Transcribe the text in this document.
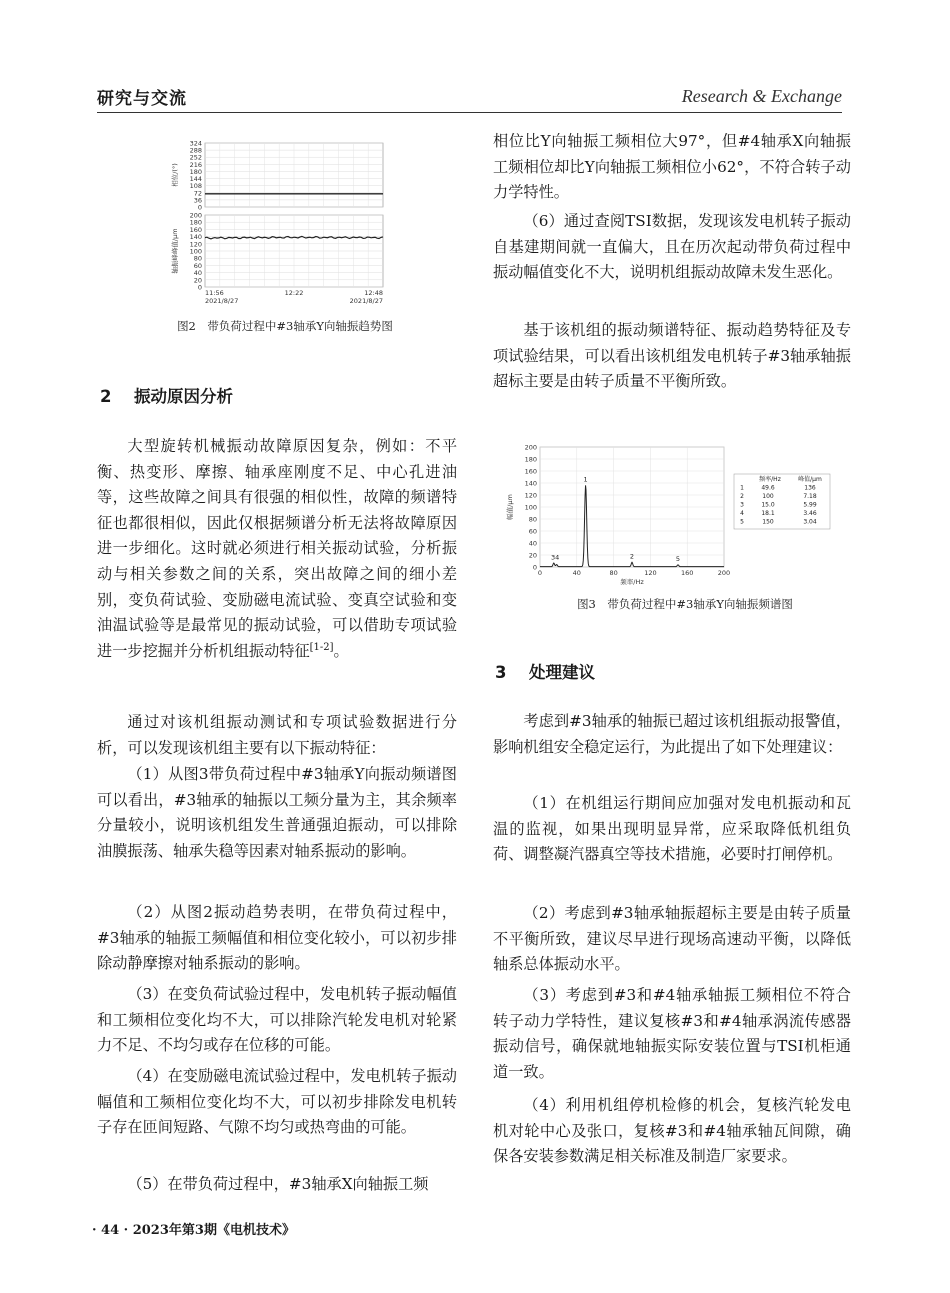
研究与交流	Research & Exchange
324
288
252
216
180
144
108
72
36
0
相位/(°)
200
180
160
140
120
100
80
60
40
20
0
轴振峰峰值/μm
11:56
2021/8/27
12:22	12:48
2021/8/27
图2　带负荷过程中#3轴承Y向轴振趋势图
2 振动原因分析

大型旋转机械振动故障原因复杂，例如：不平衡、热变形、摩擦、轴承座刚度不足、中心孔进油等，这些故障之间具有很强的相似性，故障的频谱特征也都很相似，因此仅根据频谱分析无法将故障原因进一步细化。这时就必须进行相关振动试验，分析振动与相关参数之间的关系，突出故障之间的细小差别，变负荷试验、变励磁电流试验、变真空试验和变油温试验等是最常见的振动试验，可以借助专项试验进一步挖掘并分析机组振动特征[1-2]。

通过对该机组振动测试和专项试验数据进行分析，可以发现该机组主要有以下振动特征：

（1）从图3带负荷过程中#3轴承Y向振动频谱图可以看出，#3轴承的轴振以工频分量为主，其余频率分量较小，说明该机组发生普通强迫振动，可以排除油膜振荡、轴承失稳等因素对轴系振动的影响。

（2）从图2振动趋势表明，在带负荷过程中，#3轴承的轴振工频幅值和相位变化较小，可以初步排除动静摩擦对轴系振动的影响。

（3）在变负荷试验过程中，发电机转子振动幅值和工频相位变化均不大，可以排除汽轮发电机对轮紧力不足、不均匀或存在位移的可能。

（4）在变励磁电流试验过程中，发电机转子振动幅值和工频相位变化均不大，可以初步排除发电机转子存在匝间短路、气隙不均匀或热弯曲的可能。

（5）在带负荷过程中，#3轴承X向轴振工频

相位比Y向轴振工频相位大97°，但#4轴承X向轴振工频相位却比Y向轴振工频相位小62°，不符合转子动力学特性。

（6）通过查阅TSI数据，发现该发电机转子振动自基建期间就一直偏大，且在历次起动带负荷过程中振动幅值变化不大，说明机组振动故障未发生恶化。

基于该机组的振动频谱特征、振动趋势特征及专项试验结果，可以看出该机组发电机转子#3轴承轴振超标主要是由转子质量不平衡所致。

200
180
160
140
120
100
80
60
40
20
0
0	40	80	120	160	200
频率/Hz
幅值/μm
1
2
34	5
频率/Hz	峰值/μm
1	49.6	136
2	100	7.18
3	15.0	5.99
4	18.1	3.46
5	150	3.04
图3　带负荷过程中#3轴承Y向轴振频谱图
3 处理建议

考虑到#3轴承的轴振已超过该机组振动报警值，影响机组安全稳定运行，为此提出了如下处理建议：

（1）在机组运行期间应加强对发电机振动和瓦温的监视，如果出现明显异常，应采取降低机组负荷、调整凝汽器真空等技术措施，必要时打闸停机。

（2）考虑到#3轴承轴振超标主要是由转子质量不平衡所致，建议尽早进行现场高速动平衡，以降低轴系总体振动水平。

（3）考虑到#3和#4轴承轴振工频相位不符合转子动力学特性，建议复核#3和#4轴承涡流传感器振动信号，确保就地轴振实际安装位置与TSI机柜通道一致。

（4）利用机组停机检修的机会，复核汽轮发电机对轮中心及张口，复核#3和#4轴承轴瓦间隙，确保各安装参数满足相关标准及制造厂家要求。

· 44 · 2023年第3期《电机技术》
